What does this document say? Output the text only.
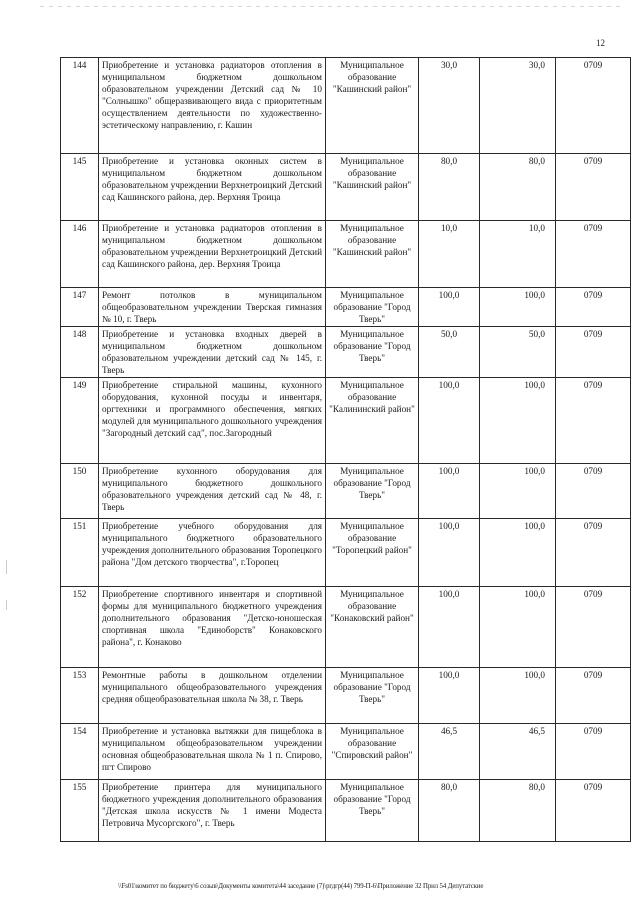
12
144	Приобретение и установка радиаторов отопления в муниципальном бюджетном дошкольном образовательном учреждении Детский сад № 10 "Солнышко" общеразвивающего вида с приоритетным осуществлением деятельности по художественно-эстетическому направлению, г. Кашин	Муниципальное образование "Кашинский район"	30,0	30,0	0709
145	Приобретение и установка оконных систем в муниципальном бюджетном дошкольном образовательном учреждении Верхнетроицкий Детский сад Кашинского района, дер. Верхняя Троица	Муниципальное образование "Кашинский район"	80,0	80,0	0709
146	Приобретение и установка радиаторов отопления в муниципальном бюджетном дошкольном образовательном учреждении Верхнетроицкий Детский сад Кашинского района, дер. Верхняя Троица	Муниципальное образование "Кашинский район"	10,0	10,0	0709
147	Ремонт потолков в муниципальном общеобразовательном учреждении Тверская гимназия № 10, г. Тверь	Муниципальное образование "Город Тверь"	100,0	100,0	0709
148	Приобретение и установка входных дверей в муниципальном бюджетном дошкольном образовательном учреждении детский сад № 145, г. Тверь	Муниципальное образование "Город Тверь"	50,0	50,0	0709
149	Приобретение стиральной машины, кухонного оборудования, кухонной посуды и инвентаря, оргтехники и программного обеспечения, мягких модулей для муниципального дошкольного учреждения "Загородный детский сад", пос.Загородный	Муниципальное образование "Калининский район"	100,0	100,0	0709
150	Приобретение кухонного оборудования для муниципального бюджетного дошкольного образовательного учреждения детский сад № 48, г. Тверь	Муниципальное образование "Город Тверь"	100,0	100,0	0709
151	Приобретение учебного оборудования для муниципального бюджетного образовательного учреждения дополнительного образования Торопецкого района "Дом детского творчества", г.Торопец	Муниципальное образование "Торопецкий район"	100,0	100,0	0709
152	Приобретение спортивного инвентаря и спортивной формы для муниципального бюджетного учреждения дополнительного образования "Детско-юношеская спортивная школа "Единоборств" Конаковского района", г. Конаково	Муниципальное образование "Конаковский район"	100,0	100,0	0709
153	Ремонтные работы в дошкольном отделении муниципального общеобразовательного учреждения средняя общеобразовательная школа № 38, г. Тверь	Муниципальное образование "Город Тверь"	100,0	100,0	0709
154	Приобретение и установка вытяжки для пищеблока в муниципальном общеобразовательном учреждении основная общеобразовательная школа № 1 п. Спирово, пгт Спирово	Муниципальное образование "Спировский район"	46,5	46,5	0709
155	Приобретение принтера для муниципального бюджетного учреждения дополнительного образования "Детская школа искусств № 1 имени Модеста Петровича Мусоргского", г. Тверь	Муниципальное образование "Город Тверь"	80,0	80,0	0709
\\Fs01\комитет по бюджету\6 созыв\Документы комитета\44 заседание (7)\ргдгр(44) 799-П-6\Приложение 32 Прил 54 Депутатские
